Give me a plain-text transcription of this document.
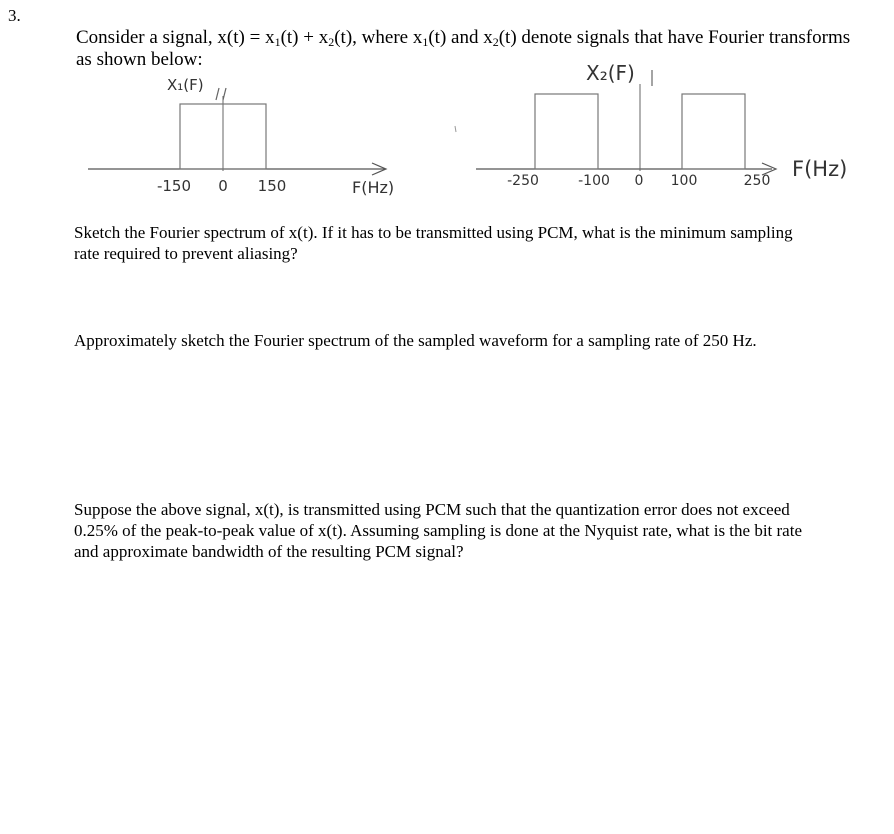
3.
Consider a signal, $x(t) = x_1(t) + x_2(t)$, where $x_1(t)$ and $x_2(t)$ denote signals that have Fourier transforms as shown below:
-150 0 150
X₁(F)
F(Hz)	-250	-100 0 100	250
X₂(F)
F(Hz)
Sketch the Fourier spectrum of x(t). If it has to be transmitted using PCM, what is the minimum sampling rate required to prevent aliasing?
Approximately sketch the Fourier spectrum of the sampled waveform for a sampling rate of 250 Hz.
Suppose the above signal, x(t), is transmitted using PCM such that the quantization error does not exceed 0.25% of the peak-to-peak value of x(t). Assuming sampling is done at the Nyquist rate, what is the bit rate and approximate bandwidth of the resulting PCM signal?
